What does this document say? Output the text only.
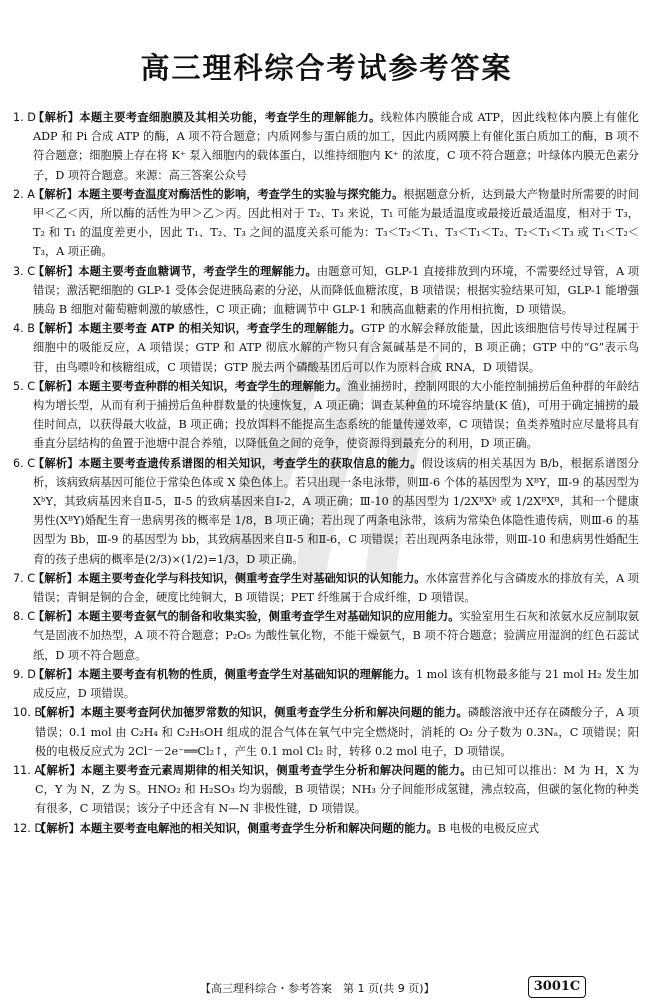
高三理科综合考试参考答案
1. D
【解析】本题主要考查细胞膜及其相关功能，考查学生的理解能力。线粒体内膜能合成 ATP，因此线粒体内膜上有催化 ADP 和 Pi 合成 ATP 的酶，A 项不符合题意；内质网参与蛋白质的加工，因此内质网膜上有催化蛋白质加工的酶，B 项不符合题意；细胞膜上存在将 K⁺ 泵入细胞内的载体蛋白，以维持细胞内 K⁺ 的浓度，C 项不符合题意；叶绿体内膜无色素分子，D 项符合题意。来源：高三答案公众号
2. A
【解析】本题主要考查温度对酶活性的影响，考查学生的实验与探究能力。根据题意分析，达到最大产物量时所需要的时间甲＜乙＜丙，所以酶的活性为甲＞乙＞丙。因此相对于 T₂、T₃ 来说，T₁ 可能为最适温度或最接近最适温度，相对于 T₃，T₂ 和 T₁ 的温度差更小，因此 T₁、T₂、T₃ 之间的温度关系可能为：T₃＜T₂＜T₁、T₃＜T₁＜T₂、T₂＜T₁＜T₃ 或 T₁＜T₂＜T₃，A 项正确。
3. C
【解析】本题主要考查血糖调节，考查学生的理解能力。由题意可知，GLP-1 直接排放到内环境，不需要经过导管，A 项错误；激活靶细胞的 GLP-1 受体会促进胰岛素的分泌，从而降低血糖浓度，B 项错误；根据实验结果可知，GLP-1 能增强胰岛 B 细胞对葡萄糖刺激的敏感性，C 项正确；血糖调节中 GLP-1 和胰高血糖素的作用相抗衡，D 项错误。
4. B
【解析】本题主要考查 ATP 的相关知识，考查学生的理解能力。GTP 的水解会释放能量，因此该细胞信号传导过程属于细胞中的吸能反应，A 项错误；GTP 和 ATP 彻底水解的产物只有含氮碱基是不同的，B 项正确；GTP 中的“G”表示鸟苷，由鸟嘌呤和核糖组成，C 项错误；GTP 脱去两个磷酸基团后可以作为原料合成 RNA，D 项错误。
5. C
【解析】本题主要考查种群的相关知识，考查学生的理解能力。渔业捕捞时，控制网眼的大小能控制捕捞后鱼种群的年龄结构为增长型，从而有利于捕捞后鱼种群数量的快速恢复，A 项正确；调查某种鱼的环境容纳量(K 值)，可用于确定捕捞的最佳时间点，以获得最大收益，B 项正确；投放饵料不能提高生态系统的能量传递效率，C 项错误；鱼类养殖时应尽量将具有垂直分层结构的鱼置于池塘中混合养殖，以降低鱼之间的竞争，使资源得到最充分的利用，D 项正确。
6. C
【解析】本题主要考查遗传系谱图的相关知识，考查学生的获取信息的能力。假设该病的相关基因为 B/b，根据系谱图分析，该病致病基因可能位于常染色体或 X 染色体上。若只出现一条电泳带，则Ⅲ-6 个体的基因型为 XᴮY，Ⅲ-9 的基因型为 XᵇY，其致病基因来自Ⅱ-5，Ⅱ-5 的致病基因来自Ⅰ-2，A 项正确；Ⅲ-10 的基因型为 1/2XᴮXᵇ 或 1/2XᴮXᴮ，其和一个健康男性(XᴮY)婚配生育一患病男孩的概率是 1/8，B 项正确；若出现了两条电泳带，该病为常染色体隐性遗传病，则Ⅲ-6 的基因型为 Bb，Ⅲ-9 的基因型为 bb，其致病基因来自Ⅱ-5 和Ⅱ-6，C 项错误；若出现两条电泳带，则Ⅲ-10 和患病男性婚配生育的孩子患病的概率是(2/3)×(1/2)=1/3，D 项正确。
7. C
【解析】本题主要考查化学与科技知识，侧重考查学生对基础知识的认知能力。水体富营养化与含磷废水的排放有关，A 项错误；青铜是铜的合金，硬度比纯铜大，B 项错误；PET 纤维属于合成纤维，D 项错误。
8. C
【解析】本题主要考查氨气的制备和收集实验，侧重考查学生对基础知识的应用能力。实验室用生石灰和浓氨水反应制取氨气是固液不加热型，A 项不符合题意；P₂O₅ 为酸性氧化物，不能干燥氨气，B 项不符合题意；验满应用湿润的红色石蕊试纸，D 项不符合题意。
9. D
【解析】本题主要考查有机物的性质，侧重考查学生对基础知识的理解能力。1 mol 该有机物最多能与 21 mol H₂ 发生加成反应，D 项错误。
10. B
【解析】本题主要考查阿伏加德罗常数的知识，侧重考查学生分析和解决问题的能力。磷酸溶液中还存在磷酸分子，A 项错误；0.1 mol 由 C₂H₄ 和 C₂H₅OH 组成的混合气体在氧气中完全燃烧时，消耗的 O₂ 分子数为 0.3Nₐ，C 项错误；阳极的电极反应式为 2Cl⁻－2e⁻══Cl₂↑，产生 0.1 mol Cl₂ 时，转移 0.2 mol 电子，D 项错误。
11. A
【解析】本题主要考查元素周期律的相关知识，侧重考查学生分析和解决问题的能力。由已知可以推出：M 为 H，X 为 C，Y 为 N，Z 为 S。HNO₂ 和 H₂SO₃ 均为弱酸，B 项错误；NH₃ 分子间能形成氢键，沸点较高，但碳的氢化物的种类有很多，C 项错误；该分子中还含有 N—N 非极性键，D 项错误。
12. D
【解析】本题主要考查电解池的相关知识，侧重考查学生分析和解决问题的能力。B 电极的电极反应式
【高三理科综合・参考答案　第 1 页(共 9 页)】	3001C
